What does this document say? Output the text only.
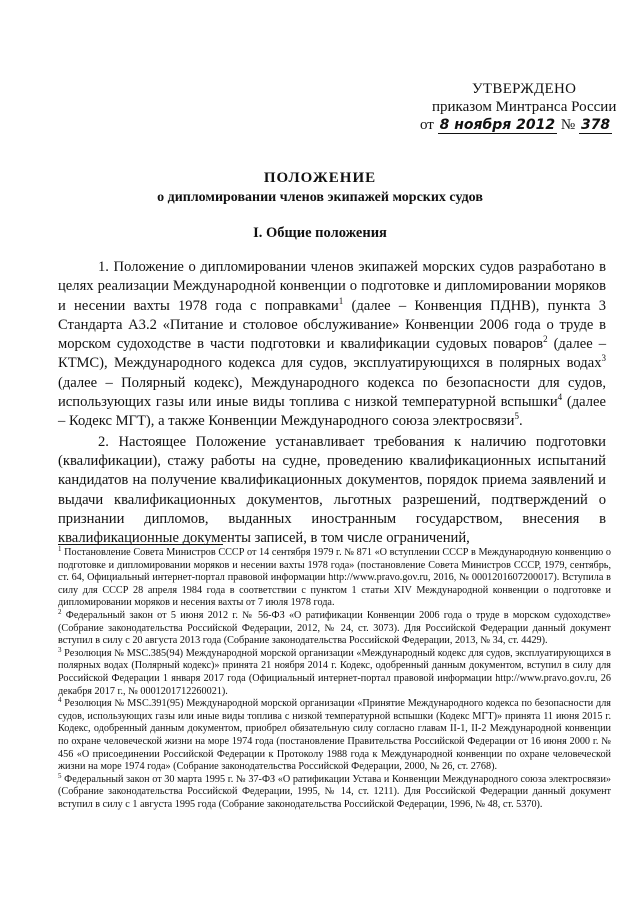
УТВЕРЖДЕНО
приказом Минтранса России
от 8 ноября 2012 № 378
ПОЛОЖЕНИЕ
о дипломировании членов экипажей морских судов
I. Общие положения

1. Положение о дипломировании членов экипажей морских судов разработано в целях реализации Международной конвенции о подготовке и дипломировании моряков и несении вахты 1978 года с поправками$^1$ (далее – Конвенция ПДНВ), пункта 3 Стандарта А3.2 «Питание и столовое обслуживание» Конвенции 2006 года о труде в морском судоходстве в части подготовки и квалификации судовых поваров$^2$ (далее – КТМС), Международного кодекса для судов, эксплуатирующихся в полярных водах$^3$ (далее – Полярный кодекс), Международного кодекса по безопасности для судов, использующих газы или иные виды топлива с низкой температурной вспышки$^4$ (далее – Кодекс МГТ), а также Конвенции Международного союза электросвязи$^5$.

2. Настоящее Положение устанавливает требования к наличию подготовки (квалификации), стажу работы на судне, проведению квалификационных испытаний кандидатов на получение квалификационных документов, порядок приема заявлений и выдачи квалификационных документов, льготных разрешений, подтверждений о признании дипломов, выданных иностранным государством, внесения в квалификационные документы записей, в том числе ограничений,

$^1$ Постановление Совета Министров СССР от 14 сентября 1979 г. № 871 «О вступлении СССР в Международную конвенцию о подготовке и дипломировании моряков и несении вахты 1978 года» (постановление Совета Министров СССР, 1979, сентябрь, ст. 64, Официальный интернет-портал правовой информации http://www.pravo.gov.ru, 2016, № 0001201607200017). Вступила в силу для СССР 28 апреля 1984 года в соответствии с пунктом 1 статьи XIV Международной конвенции о подготовке и дипломировании моряков и несения вахты от 7 июля 1978 года.

$^2$ Федеральный закон от 5 июня 2012 г. № 56-ФЗ «О ратификации Конвенции 2006 года о труде в морском судоходстве» (Собрание законодательства Российской Федерации, 2012, № 24, ст. 3073). Для Российской Федерации данный документ вступил в силу с 20 августа 2013 года (Собрание законодательства Российской Федерации, 2013, № 34, ст. 4429).

$^3$ Резолюция № MSC.385(94) Международной морской организации «Международный кодекс для судов, эксплуатирующихся в полярных водах (Полярный кодекс)» принята 21 ноября 2014 г. Кодекс, одобренный данным документом, вступил в силу для Российской Федерации 1 января 2017 года (Официальный интернет-портал правовой информации http://www.pravo.gov.ru, 26 декабря 2017 г., № 0001201712260021).

$^4$ Резолюция № MSC.391(95) Международной морской организации «Принятие Международного кодекса по безопасности для судов, использующих газы или иные виды топлива с низкой температурной вспышки (Кодекс МГТ)» принята 11 июня 2015 г. Кодекс, одобренный данным документом, приобрел обязательную силу согласно главам II-1, II-2 Международной конвенции по охране человеческой жизни на море 1974 года (постановление Правительства Российской Федерации от 16 июня 2000 г. № 456 «О присоединении Российской Федерации к Протоколу 1988 года к Международной конвенции по охране человеческой жизни на море 1974 года» (Собрание законодательства Российской Федерации, 2000, № 26, ст. 2768).

$^5$ Федеральный закон от 30 марта 1995 г. № 37-ФЗ «О ратификации Устава и Конвенции Международного союза электросвязи» (Собрание законодательства Российской Федерации, 1995, № 14, ст. 1211). Для Российской Федерации данный документ вступил в силу с 1 августа 1995 года (Собрание законодательства Российской Федерации, 1996, № 48, ст. 5370).
